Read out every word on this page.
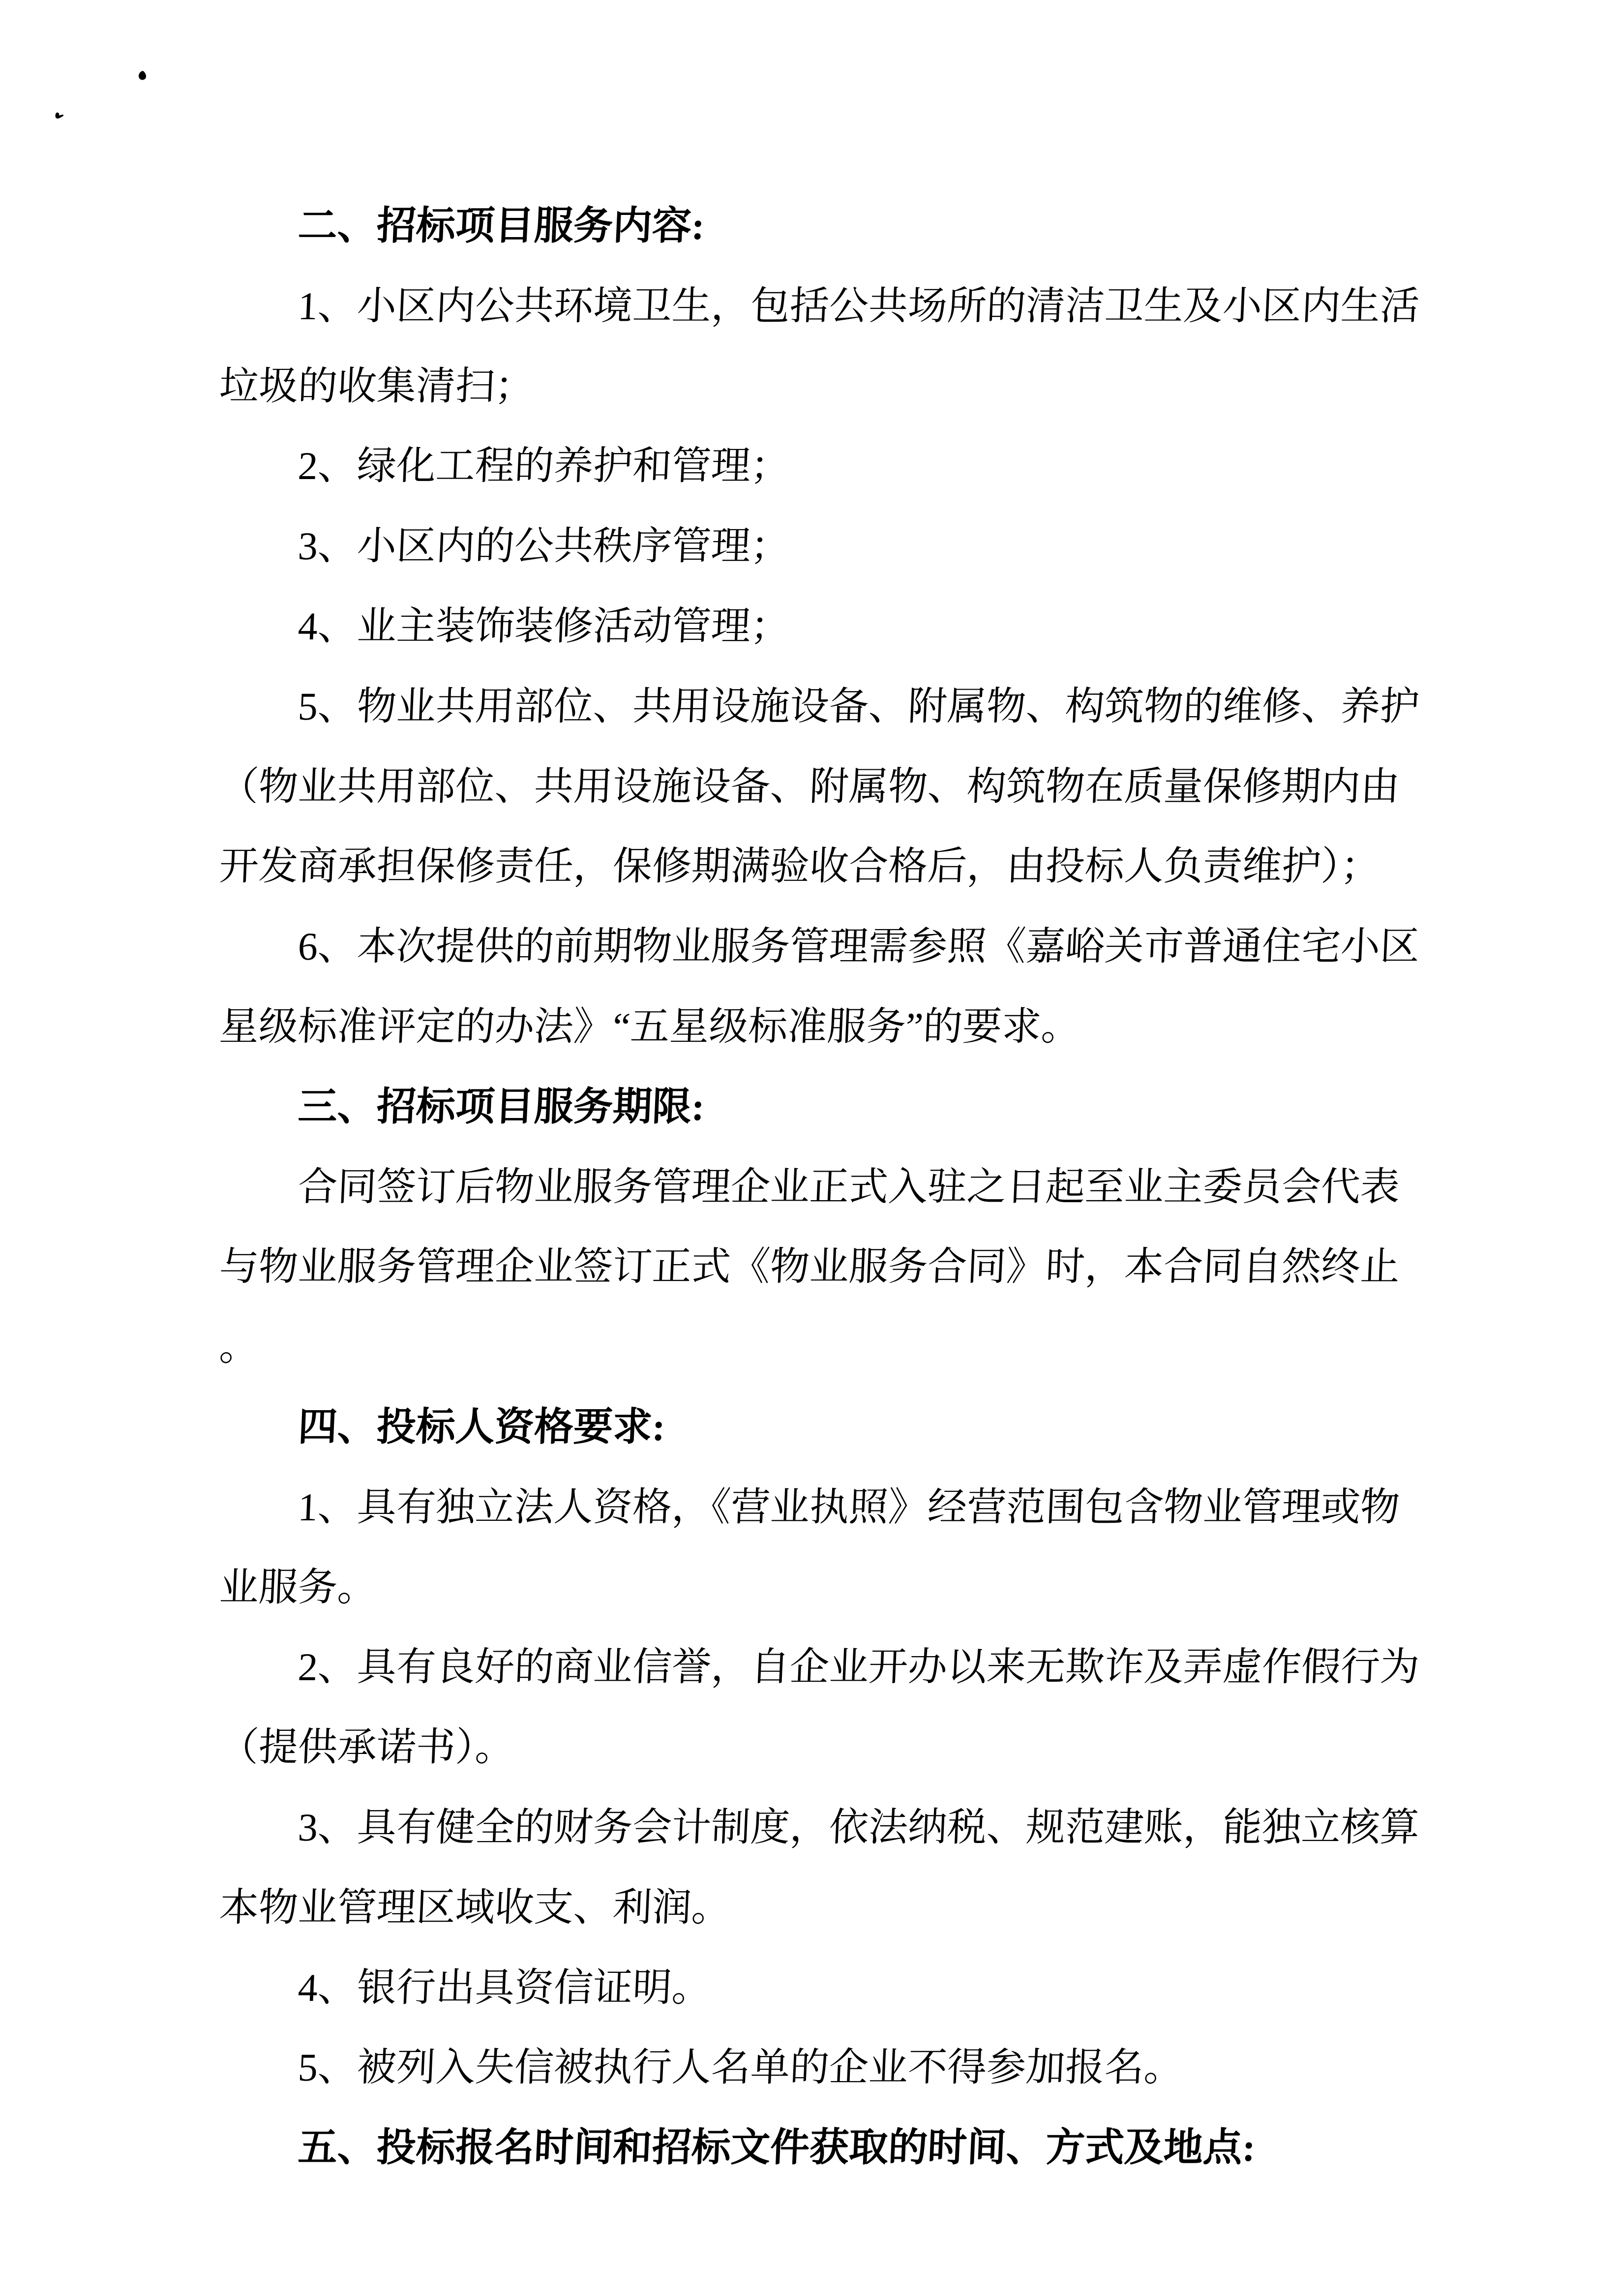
二、招标项目服务内容:
1、小区内公共环境卫生，包括公共场所的清洁卫生及小区内生活
垃圾的收集清扫；
2、绿化工程的养护和管理；
3、小区内的公共秩序管理；
4、业主装饰装修活动管理；
5、物业共用部位、共用设施设备、附属物、构筑物的维修、养护
（物业共用部位、共用设施设备、附属物、构筑物在质量保修期内由
开发商承担保修责任，保修期满验收合格后，由投标人负责维护）；
6、本次提供的前期物业服务管理需参照《嘉峪关市普通住宅小区
星级标准评定的办法》“五星级标准服务”的要求。
三、招标项目服务期限:
合同签订后物业服务管理企业正式入驻之日起至业主委员会代表
与物业服务管理企业签订正式《物业服务合同》时，本合同自然终止
。
四、投标人资格要求:
1、具有独立法人资格，《营业执照》经营范围包含物业管理或物
业服务。
2、具有良好的商业信誉，自企业开办以来无欺诈及弄虚作假行为
（提供承诺书）。
3、具有健全的财务会计制度，依法纳税、规范建账，能独立核算
本物业管理区域收支、利润。
4、银行出具资信证明。
5、被列入失信被执行人名单的企业不得参加报名。
五、投标报名时间和招标文件获取的时间、方式及地点:
